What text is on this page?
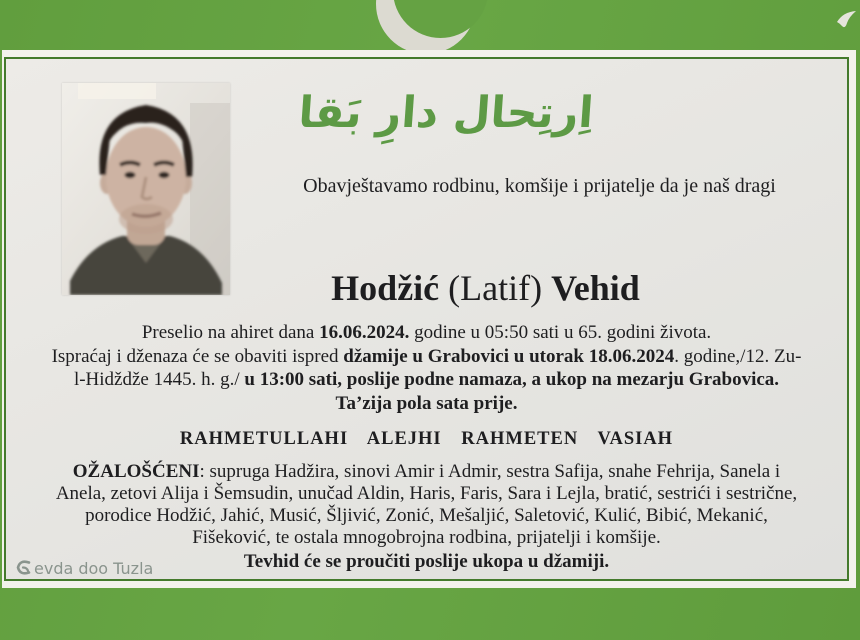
اِرتِحال دارِ بَقا
Obavještavamo rodbinu, komšije i prijatelje da je naš dragi
Hodžić (Latif) Vehid
Preselio na ahiret dana 16.06.2024. godine u 05:50 sati u 65. godini života.
Ispraćaj i dženaza će se obaviti ispred džamije u Grabovici u utorak 18.06.2024. godine,/12. Zu-
l-Hidždže 1445. h. g./ u 13:00 sati, poslije podne namaza, a ukop na mezarju Grabovica.
Ta’zija pola sata prije.
RAHMETULLAHI ALEJHI RAHMETEN VASIAH
OŽALOŠĆENI: supruga Hadžira, sinovi Amir i Admir, sestra Safija, snahe Fehrija, Sanela i
Anela, zetovi Alija i Šemsudin, unučad Aldin, Haris, Faris, Sara i Lejla, bratić, sestrići i sestrične,
porodice Hodžić, Jahić, Musić, Šljivić, Zonić, Mešaljić, Saletović, Kulić, Bibić, Mekanić,
Fišeković, te ostala mnogobrojna rodbina, prijatelji i komšije.
Tevhid će se proučiti poslije ukopa u džamiji.
evda doo Tuzla
